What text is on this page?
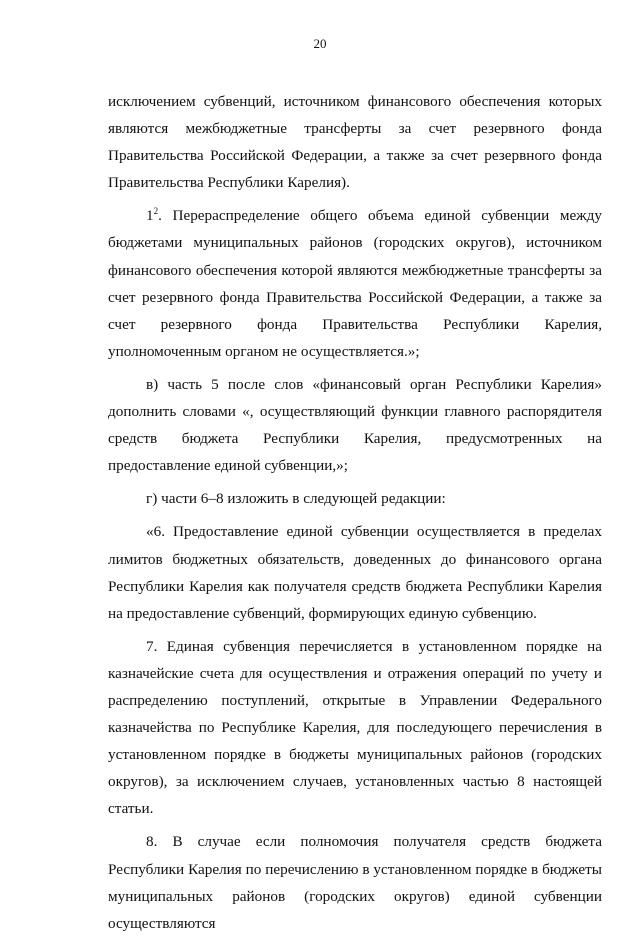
20

исключением субвенций, источником финансового обеспечения которых являются межбюджетные трансферты за счет резервного фонда Правительства Российской Федерации, а также за счет резервного фонда Правительства Республики Карелия).

$1^2$. Перераспределение общего объема единой субвенции между бюджетами муниципальных районов (городских округов), источником финансового обеспечения которой являются межбюджетные трансферты за счет резервного фонда Правительства Российской Федерации, а также за счет резервного фонда Правительства Республики Карелия, уполномоченным органом не осуществляется.»;

в) часть 5 после слов «финансовый орган Республики Карелия» дополнить словами «, осуществляющий функции главного распорядителя средств бюджета Республики Карелия, предусмотренных на предоставление единой субвенции,»;

г) части 6–8 изложить в следующей редакции:

«6. Предоставление единой субвенции осуществляется в пределах лимитов бюджетных обязательств, доведенных до финансового органа Республики Карелия как получателя средств бюджета Республики Карелия на предоставление субвенций, формирующих единую субвенцию.

7. Единая субвенция перечисляется в установленном порядке на казначейские счета для осуществления и отражения операций по учету и распределению поступлений, открытые в Управлении Федерального казначейства по Республике Карелия, для последующего перечисления в установленном порядке в бюджеты муниципальных районов (городских округов), за исключением случаев, установленных частью 8 настоящей статьи.

8. В случае если полномочия получателя средств бюджета Республики Карелия по перечислению в установленном порядке в бюджеты муниципальных районов (городских округов) единой субвенции осуществляются
